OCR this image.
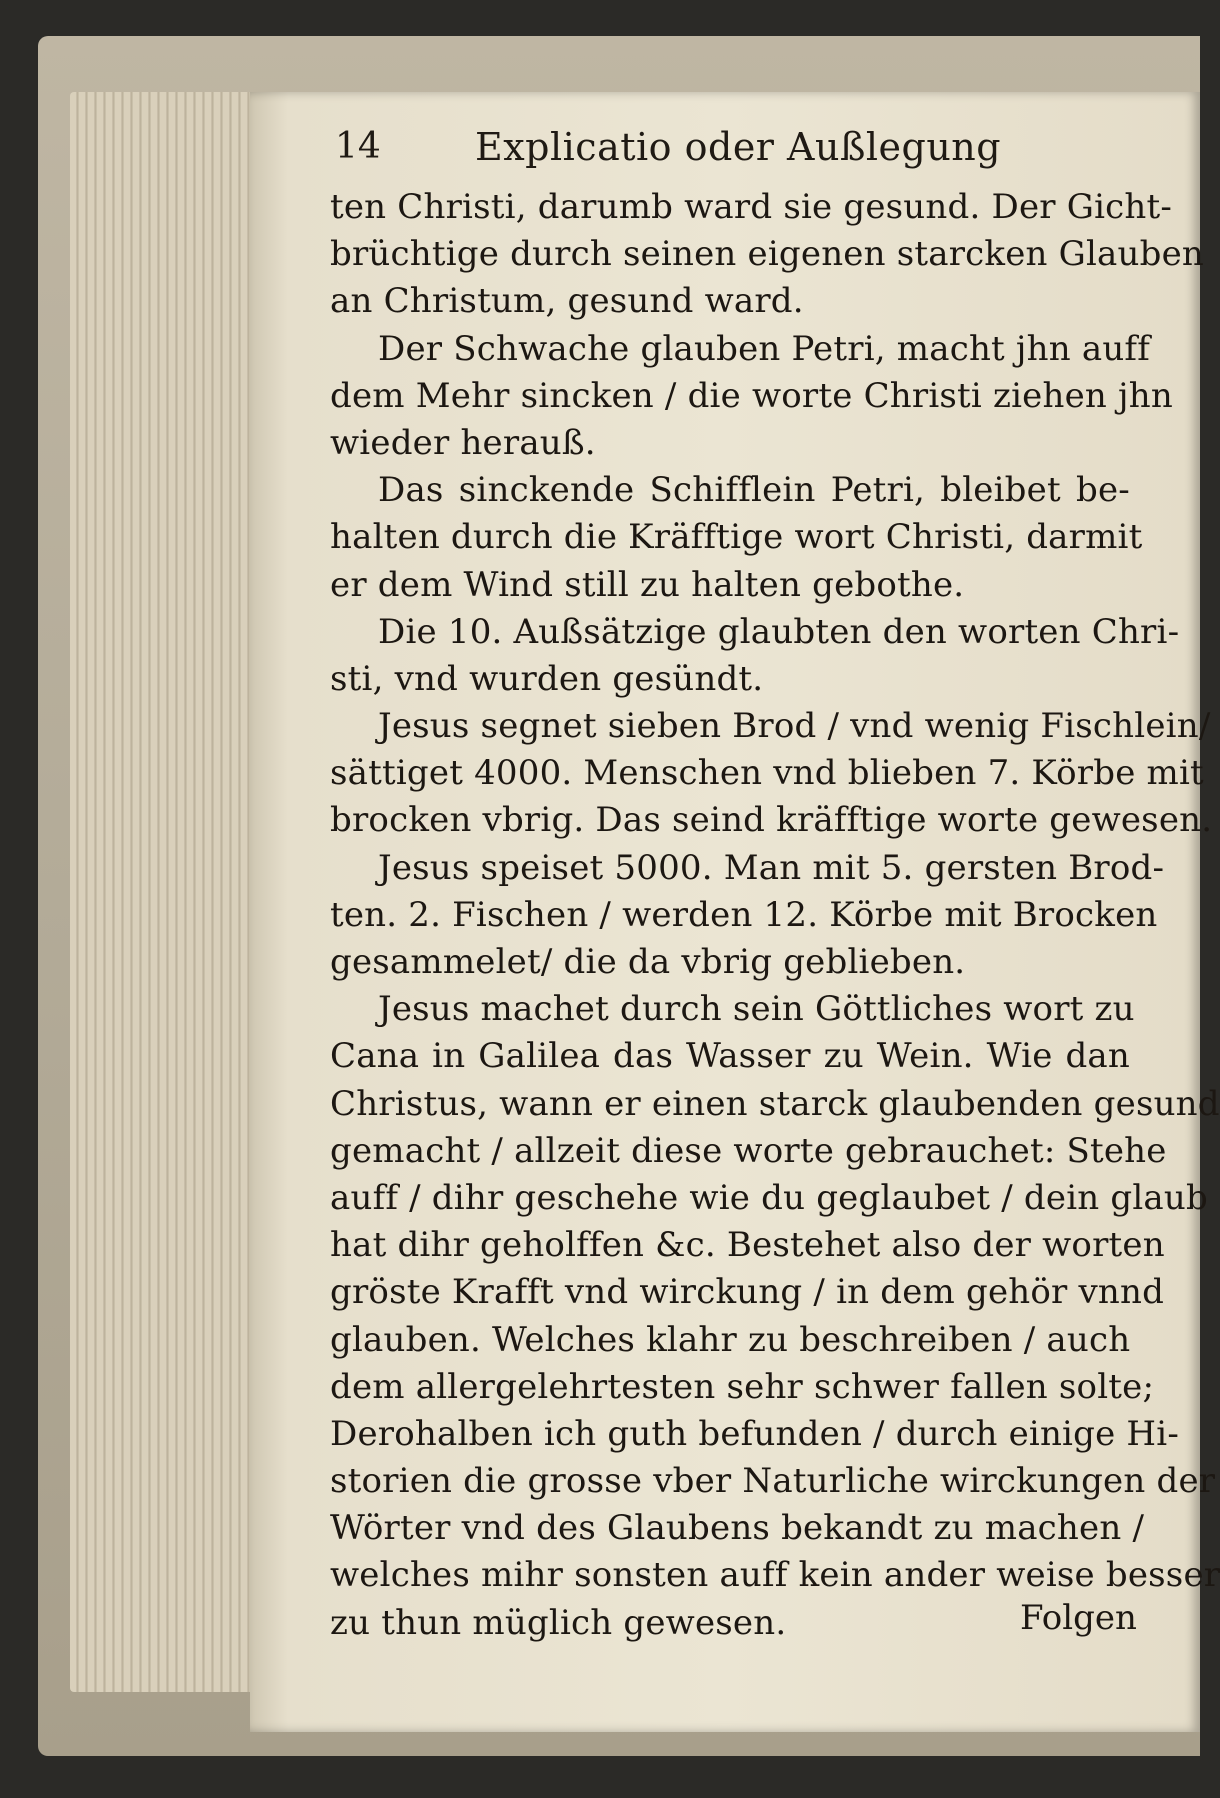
14 Explicatio oder Außlegung
ten Christi, darumb ward sie gesund. Der Gicht-
brüchtige durch seinen eigenen starcken Glauben
an Christum, gesund ward.
Der Schwache glauben Petri, macht jhn auff
dem Mehr sincken / die worte Christi ziehen jhn
wieder herauß.
Das sinckende Schifflein Petri, bleibet be-
halten durch die Kräfftige wort Christi, darmit
er dem Wind still zu halten gebothe.
Die 10. Außsätzige glaubten den worten Chri-
sti, vnd wurden gesündt.
Jesus segnet sieben Brod / vnd wenig Fischlein/
sättiget 4000. Menschen vnd blieben 7. Körbe mit
brocken vbrig. Das seind kräfftige worte gewesen.
Jesus speiset 5000. Man mit 5. gersten Brod-
ten. 2. Fischen / werden 12. Körbe mit Brocken
gesammelet/ die da vbrig geblieben.
Jesus machet durch sein Göttliches wort zu
Cana in Galilea das Wasser zu Wein. Wie dan
Christus, wann er einen starck glaubenden gesund
gemacht / allzeit diese worte gebrauchet: Stehe
auff / dihr geschehe wie du geglaubet / dein glaub
hat dihr geholffen &c. Bestehet also der worten
gröste Krafft vnd wirckung / in dem gehör vnnd
glauben. Welches klahr zu beschreiben / auch
dem allergelehrtesten sehr schwer fallen solte;
Derohalben ich guth befunden / durch einige Hi-
storien die grosse vber Naturliche wirckungen der
Wörter vnd des Glaubens bekandt zu machen /
welches mihr sonsten auff kein ander weise besser
zu thun müglich gewesen.	Folgen
